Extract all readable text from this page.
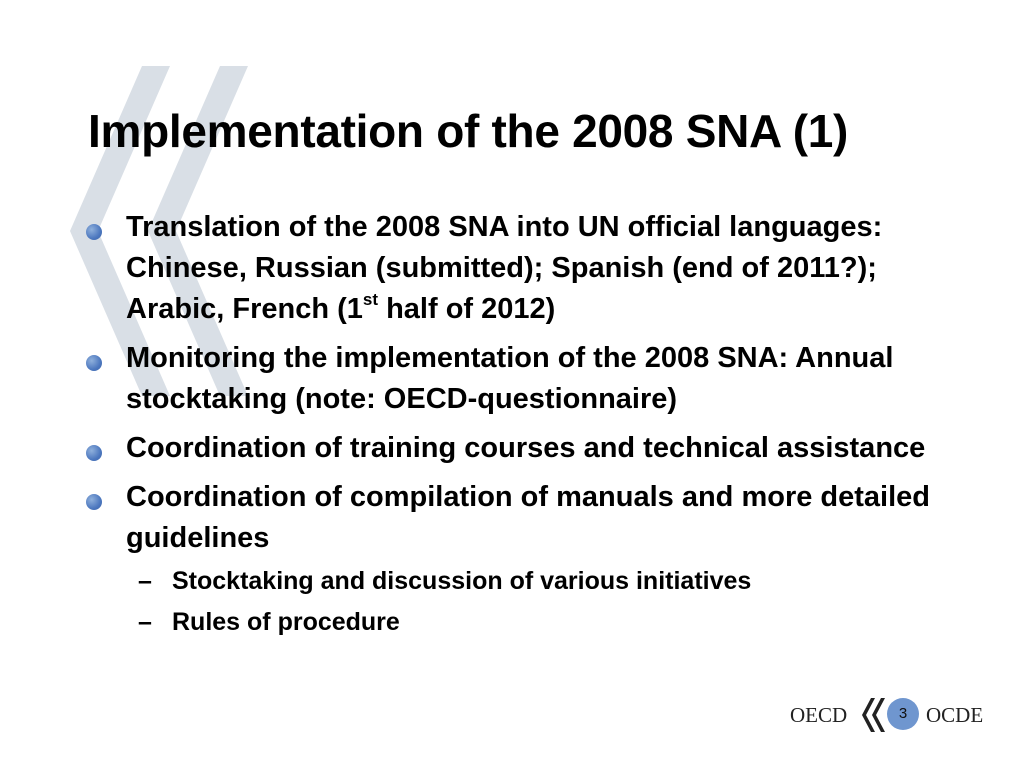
Implementation of the 2008 SNA (1)
Translation of the 2008 SNA into UN official languages: Chinese, Russian (submitted); Spanish (end of 2011?); Arabic, French (1st half of 2012)
Monitoring the implementation of the 2008 SNA: Annual stocktaking (note: OECD-questionnaire)
Coordination of training courses and technical assistance
Coordination of compilation of manuals and more detailed guidelines
– Stocktaking and discussion of various initiatives
– Rules of procedure
OECD	3 OCDE
